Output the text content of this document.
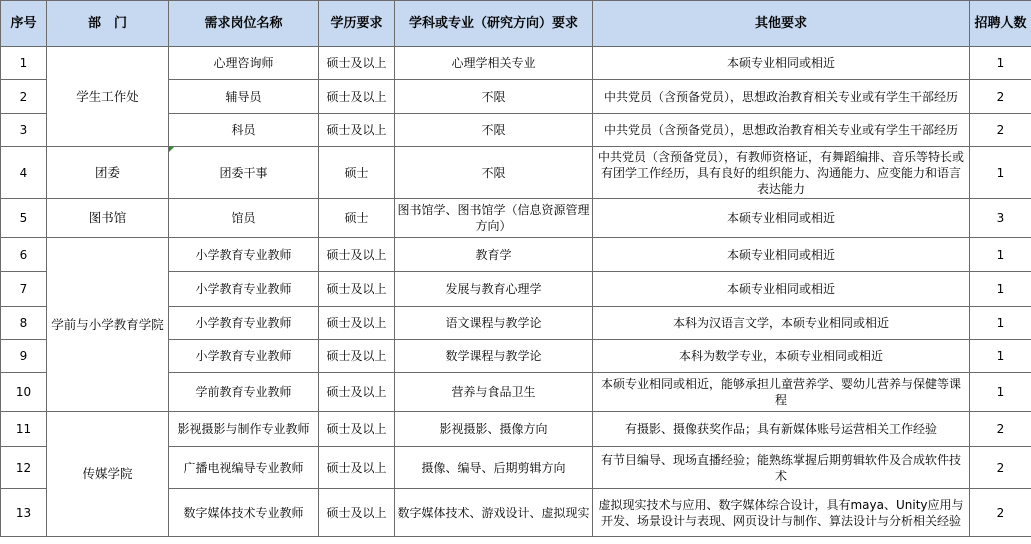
序号	部　门	需求岗位名称	学历要求	学科或专业（研究方向）要求	其他要求	招聘人数
1	学生工作处	心理咨询师	硕士及以上	心理学相关专业	本硕专业相同或相近	1
2		辅导员	硕士及以上	不限	中共党员（含预备党员），思想政治教育相关专业或有学生干部经历	2
3		科员	硕士及以上	不限	中共党员（含预备党员），思想政治教育相关专业或有学生干部经历	2
4	团委	团委干事	硕士	不限	中共党员（含预备党员），有教师资格证，有舞蹈编排、音乐等特长或有团学工作经历，具有良好的组织能力、沟通能力、应变能力和语言表达能力	1
5	图书馆	馆员	硕士	图书馆学、图书馆学（信息资源管理方向）	本硕专业相同或相近	3
6	学前与小学教育学院	小学教育专业教师	硕士及以上	教育学	本硕专业相同或相近	1
7		小学教育专业教师	硕士及以上	发展与教育心理学	本硕专业相同或相近	1
8		小学教育专业教师	硕士及以上	语文课程与教学论	本科为汉语言文学，本硕专业相同或相近	1
9		小学教育专业教师	硕士及以上	数学课程与教学论	本科为数学专业，本硕专业相同或相近	1
10		学前教育专业教师	硕士及以上	营养与食品卫生	本硕专业相同或相近，能够承担儿童营养学、婴幼儿营养与保健等课程	1
11	传媒学院	影视摄影与制作专业教师	硕士及以上	影视摄影、摄像方向	有摄影、摄像获奖作品；具有新媒体账号运营相关工作经验	2
12		广播电视编导专业教师	硕士及以上	摄像、编导、后期剪辑方向	有节目编导、现场直播经验；能熟练掌握后期剪辑软件及合成软件技术	2
13		数字媒体技术专业教师	硕士及以上	数字媒体技术、游戏设计、虚拟现实	虚拟现实技术与应用、数字媒体综合设计，具有maya、Unity应用与开发、场景设计与表现、网页设计与制作、算法设计与分析相关经验	2
